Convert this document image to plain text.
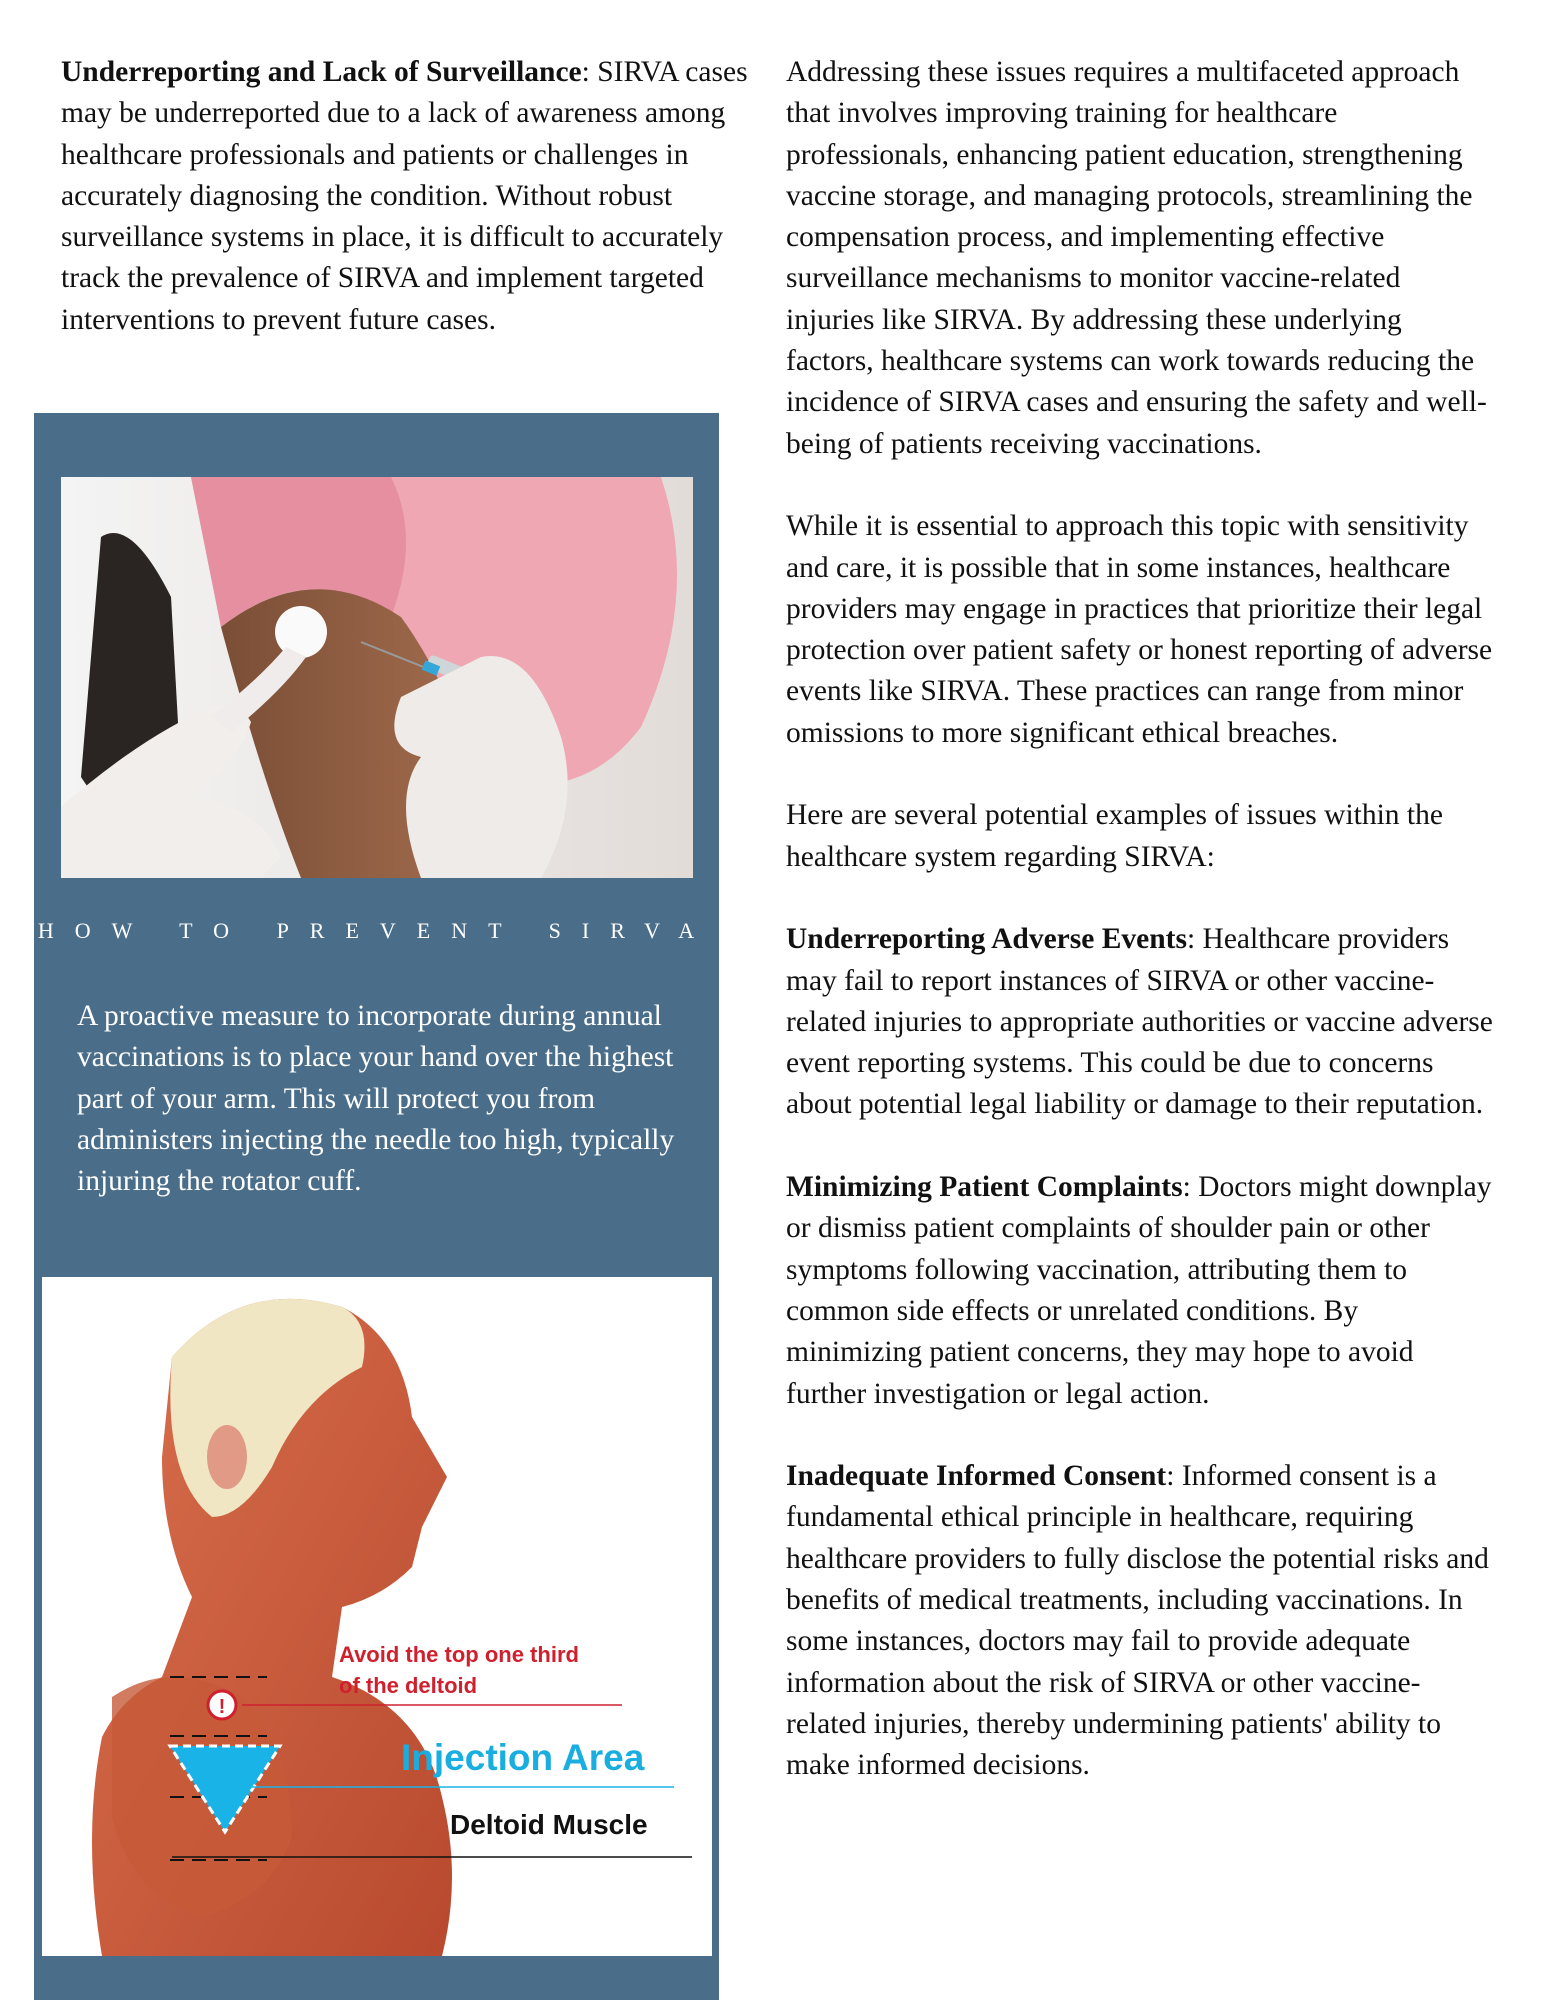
Underreporting and Lack of Surveillance: SIRVA cases may be underreported due to a lack of awareness among healthcare professionals and patients or challenges in accurately diagnosing the condition. Without robust surveillance systems in place, it is difficult to accurately track the prevalence of SIRVA and implement targeted interventions to prevent future cases.
HOW TO PREVENT SIRVA
A proactive measure to incorporate during annual vaccinations is to place your hand over the highest part of your arm. This will protect you from administers injecting the needle too high, typically injuring the rotator cuff.
!
Avoid the top one third
of the deltoid
Injection Area
Deltoid Muscle

Addressing these issues requires a multifaceted approach that involves improving training for healthcare professionals, enhancing patient education, strengthening vaccine storage, and managing protocols, streamlining the compensation process, and implementing effective surveillance mechanisms to monitor vaccine-related injuries like SIRVA. By addressing these underlying factors, healthcare systems can work towards reducing the incidence of SIRVA cases and ensuring the safety and well-being of patients receiving vaccinations.

While it is essential to approach this topic with sensitivity and care, it is possible that in some instances, healthcare providers may engage in practices that prioritize their legal protection over patient safety or honest reporting of adverse events like SIRVA. These practices can range from minor omissions to more significant ethical breaches.

Here are several potential examples of issues within the healthcare system regarding SIRVA:

Underreporting Adverse Events: Healthcare providers may fail to report instances of SIRVA or other vaccine-related injuries to appropriate authorities or vaccine adverse event reporting systems. This could be due to concerns about potential legal liability or damage to their reputation.

Minimizing Patient Complaints: Doctors might downplay or dismiss patient complaints of shoulder pain or other symptoms following vaccination, attributing them to common side effects or unrelated conditions. By minimizing patient concerns, they may hope to avoid further investigation or legal action.

Inadequate Informed Consent: Informed consent is a fundamental ethical principle in healthcare, requiring healthcare providers to fully disclose the potential risks and benefits of medical treatments, including vaccinations. In some instances, doctors may fail to provide adequate information about the risk of SIRVA or other vaccine-related injuries, thereby undermining patients' ability to make informed decisions.
